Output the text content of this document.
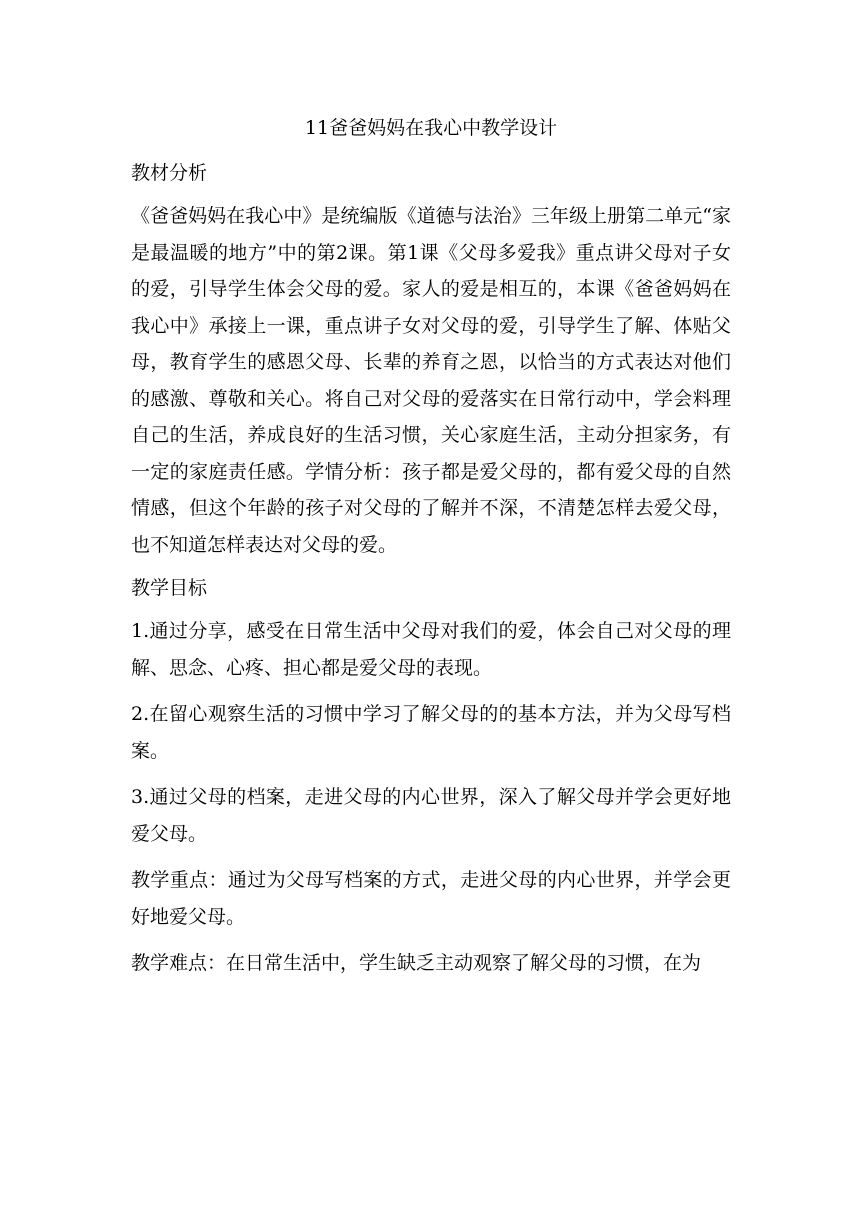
11爸爸妈妈在我心中教学设计
教材分析
《爸爸妈妈在我心中》是统编版《道德与法治》三年级上册第二单元“家是最温暖的地方”中的第2课。第1课《父母多爱我》重点讲父母对子女的爱，引导学生体会父母的爱。家人的爱是相互的，本课《爸爸妈妈在我心中》承接上一课，重点讲子女对父母的爱，引导学生了解、体贴父母，教育学生的感恩父母、长辈的养育之恩，以恰当的方式表达对他们的感激、尊敬和关心。将自己对父母的爱落实在日常行动中，学会料理自己的生活，养成良好的生活习惯，关心家庭生活，主动分担家务，有一定的家庭责任感。学情分析：孩子都是爱父母的，都有爱父母的自然情感，但这个年龄的孩子对父母的了解并不深，不清楚怎样去爱父母，也不知道怎样表达对父母的爱。
教学目标
1.通过分享，感受在日常生活中父母对我们的爱，体会自己对父母的理解、思念、心疼、担心都是爱父母的表现。
2.在留心观察生活的习惯中学习了解父母的的基本方法，并为父母写档案。
3.通过父母的档案，走进父母的内心世界，深入了解父母并学会更好地爱父母。
教学重点：通过为父母写档案的方式，走进父母的内心世界，并学会更好地爱父母。
教学难点：在日常生活中，学生缺乏主动观察了解父母的习惯，在为
